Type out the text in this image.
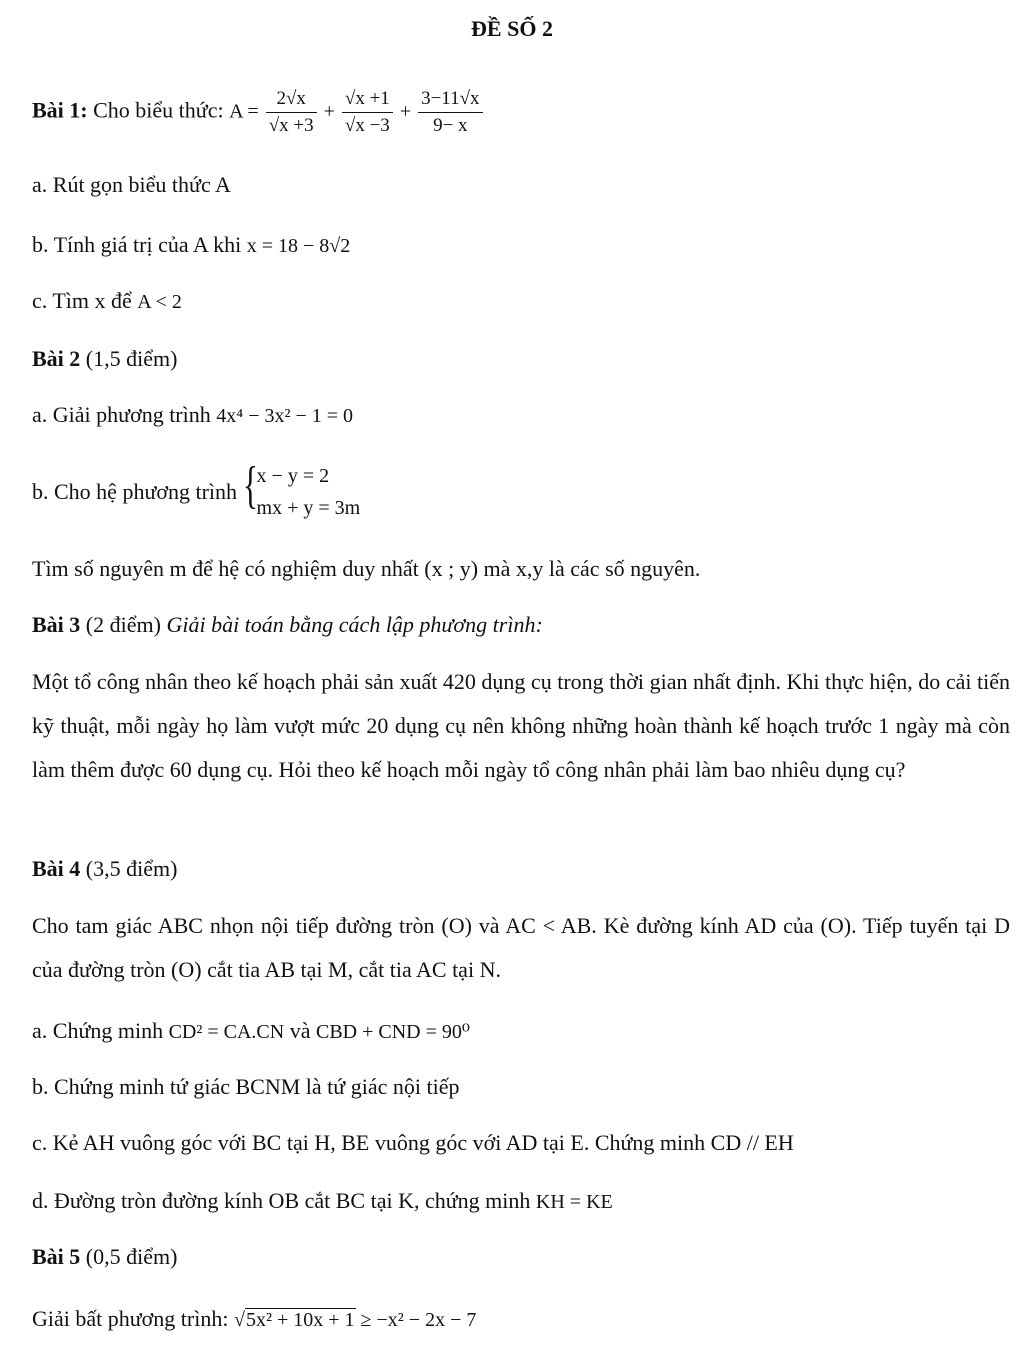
ĐỀ SỐ 2
Bài 1: Cho biểu thức: $A = \frac{2√x}{√x +3} + \frac{√x +1}{√x -3} + \frac{3-11√x}{9- x}$
a. Rút gọn biểu thức A
b. Tính giá trị của A khi x = 18 − 8√2
c. Tìm x để A < 2
Bài 2 (1,5 điểm)
a. Giải phương trình 4x⁴ − 3x² − 1 = 0
b. Cho hệ phương trình { x − y = 2
mx + y = 3m
Tìm số nguyên m để hệ có nghiệm duy nhất (x ; y) mà x,y là các số nguyên.
Bài 3 (2 điểm) Giải bài toán bằng cách lập phương trình:
Một tổ công nhân theo kế hoạch phải sản xuất 420 dụng cụ trong thời gian nhất định. Khi thực hiện, do cải tiến kỹ thuật, mỗi ngày họ làm vượt mức 20 dụng cụ nên không những hoàn thành kế hoạch trước 1 ngày mà còn làm thêm được 60 dụng cụ. Hỏi theo kế hoạch mỗi ngày tổ công nhân phải làm bao nhiêu dụng cụ?
Bài 4 (3,5 điểm)
Cho tam giác ABC nhọn nội tiếp đường tròn (O) và AC < AB. Kè đường kính AD của (O). Tiếp tuyến tại D của đường tròn (O) cắt tia AB tại M, cắt tia AC tại N.
a. Chứng minh CD² = CA.CN và CBD + CND = 90⁰
b. Chứng minh tứ giác BCNM là tứ giác nội tiếp
c. Kẻ AH vuông góc với BC tại H, BE vuông góc với AD tại E. Chứng minh CD // EH
d. Đường tròn đường kính OB cắt BC tại K, chứng minh KH = KE
Bài 5 (0,5 điểm)
Giải bất phương trình: √5x² + 10x + 1 ≥ −x² − 2x − 7
